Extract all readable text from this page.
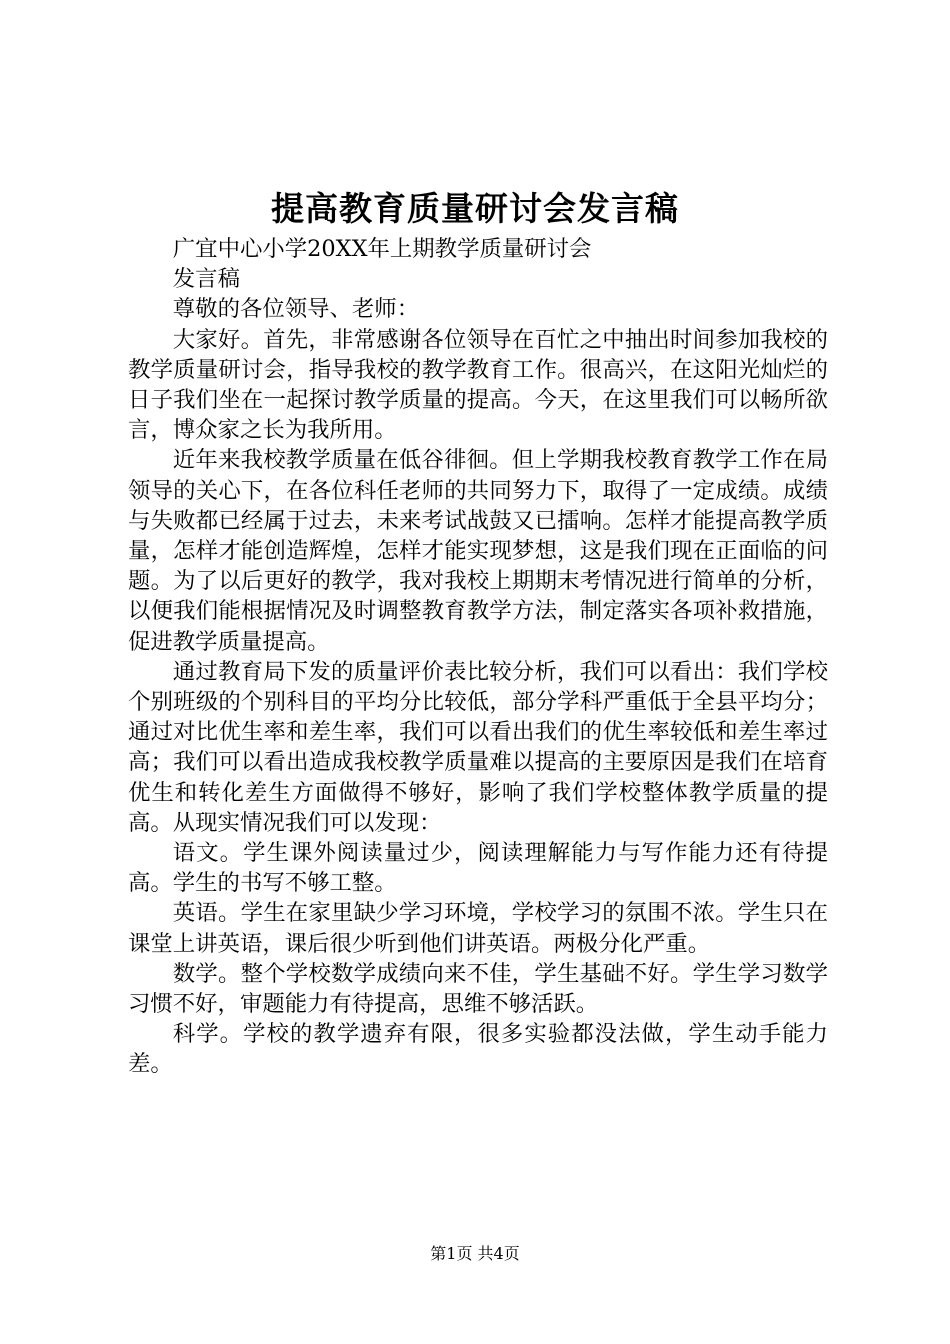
提高教育质量研讨会发言稿

广宜中心小学20XX年上期教学质量研讨会

发言稿

尊敬的各位领导、老师：

大家好。首先，非常感谢各位领导在百忙之中抽出时间参加我校的教学质量研讨会，指导我校的教学教育工作。很高兴，在这阳光灿烂的日子我们坐在一起探讨教学质量的提高。今天，在这里我们可以畅所欲言，博众家之长为我所用。

近年来我校教学质量在低谷徘徊。但上学期我校教育教学工作在局领导的关心下，在各位科任老师的共同努力下，取得了一定成绩。成绩与失败都已经属于过去，未来考试战鼓又已擂响。怎样才能提高教学质量，怎样才能创造辉煌，怎样才能实现梦想，这是我们现在正面临的问题。为了以后更好的教学，我对我校上期期末考情况进行简单的分析，以便我们能根据情况及时调整教育教学方法，制定落实各项补救措施，促进教学质量提高。

通过教育局下发的质量评价表比较分析，我们可以看出：我们学校个别班级的个别科目的平均分比较低，部分学科严重低于全县平均分；通过对比优生率和差生率，我们可以看出我们的优生率较低和差生率过高；我们可以看出造成我校教学质量难以提高的主要原因是我们在培育优生和转化差生方面做得不够好，影响了我们学校整体教学质量的提高。从现实情况我们可以发现：

语文。学生课外阅读量过少，阅读理解能力与写作能力还有待提高。学生的书写不够工整。

英语。学生在家里缺少学习环境，学校学习的氛围不浓。学生只在课堂上讲英语，课后很少听到他们讲英语。两极分化严重。

数学。整个学校数学成绩向来不佳，学生基础不好。学生学习数学习惯不好，审题能力有待提高，思维不够活跃。

科学。学校的教学遗弃有限，很多实验都没法做，学生动手能力差。

第1页 共4页
